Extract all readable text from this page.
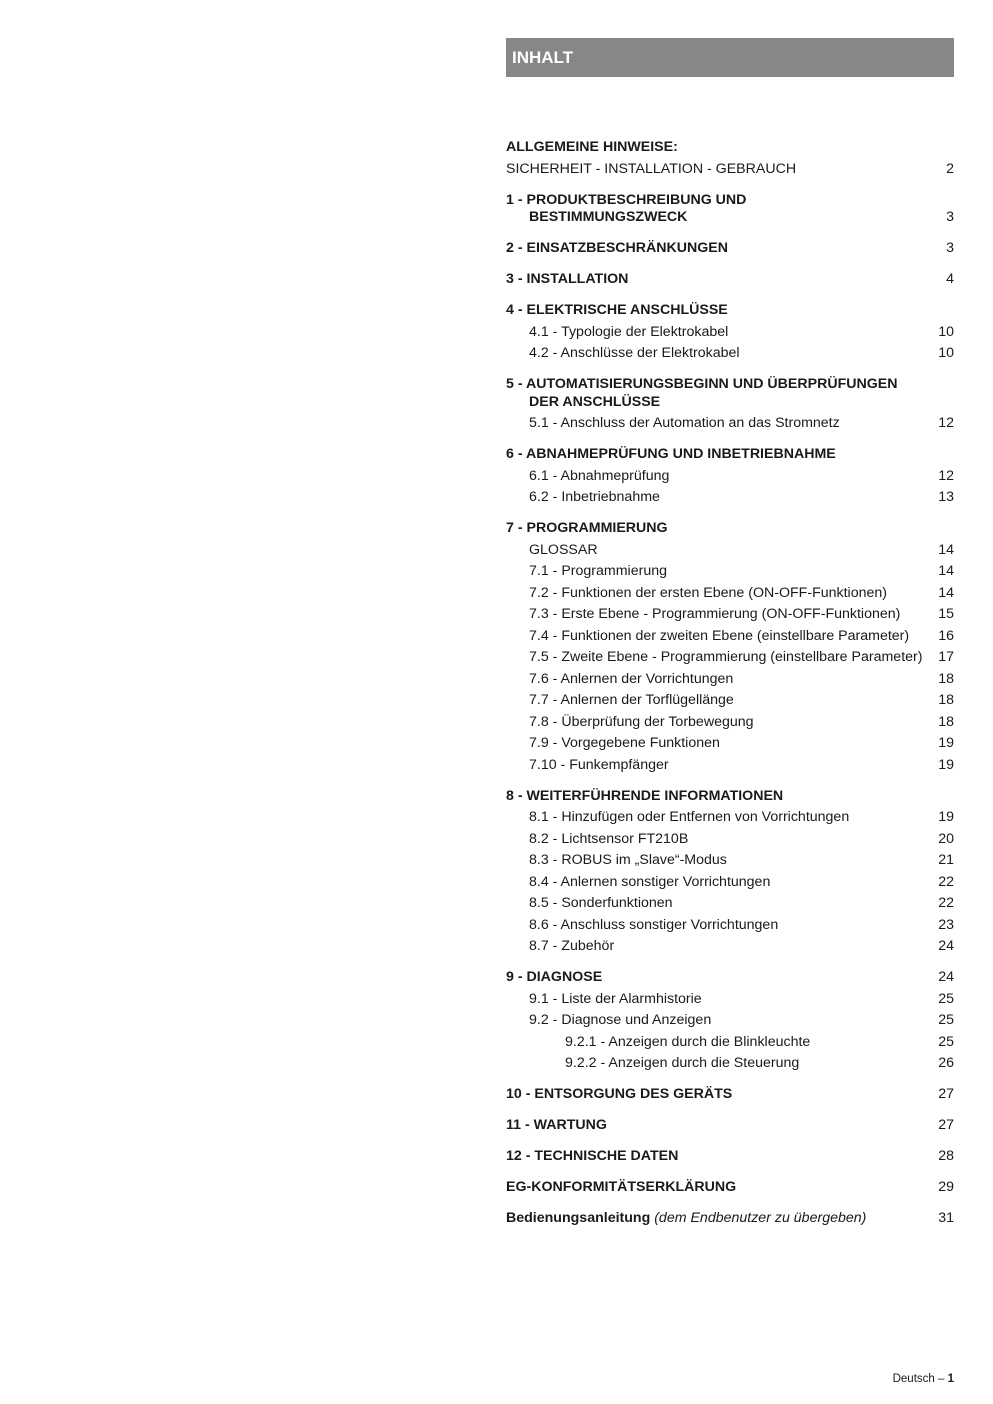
INHALT
ALLGEMEINE HINWEISE:
SICHERHEIT - INSTALLATION - GEBRAUCH	2
1 - PRODUKTBESCHREIBUNG UND
BESTIMMUNGSZWECK	3
2 - EINSATZBESCHRÄNKUNGEN	3
3 - INSTALLATION	4
4 - ELEKTRISCHE ANSCHLÜSSE
4.1 - Typologie der Elektrokabel	10
4.2 - Anschlüsse der Elektrokabel	10
5 - AUTOMATISIERUNGSBEGINN UND ÜBERPRÜFUNGEN
DER ANSCHLÜSSE
5.1 - Anschluss der Automation an das Stromnetz	12
6 - ABNAHMEPRÜFUNG UND INBETRIEBNAHME
6.1 - Abnahmeprüfung	12
6.2 - Inbetriebnahme	13
7 - PROGRAMMIERUNG
GLOSSAR	14
7.1 - Programmierung	14
7.2 - Funktionen der ersten Ebene (ON-OFF-Funktionen)	14
7.3 - Erste Ebene - Programmierung (ON-OFF-Funktionen)	15
7.4 - Funktionen der zweiten Ebene (einstellbare Parameter) 16
7.5 - Zweite Ebene - Programmierung (einstellbare Parameter) 17
7.6 - Anlernen der Vorrichtungen	18
7.7 - Anlernen der Torflügellänge	18
7.8 - Überprüfung der Torbewegung	18
7.9 - Vorgegebene Funktionen	19
7.10 - Funkempfänger	19
8 - WEITERFÜHRENDE INFORMATIONEN
8.1 - Hinzufügen oder Entfernen von Vorrichtungen	19
8.2 - Lichtsensor FT210B	20
8.3 - ROBUS im „Slave“-Modus	21
8.4 - Anlernen sonstiger Vorrichtungen	22
8.5 - Sonderfunktionen	22
8.6 - Anschluss sonstiger Vorrichtungen	23
8.7 - Zubehör	24
9 - DIAGNOSE	24
9.1 - Liste der Alarmhistorie	25
9.2 - Diagnose und Anzeigen	25
9.2.1 - Anzeigen durch die Blinkleuchte	25
9.2.2 - Anzeigen durch die Steuerung	26
10 - ENTSORGUNG DES GERÄTS	27
11 - WARTUNG	27
12 - TECHNISCHE DATEN	28
EG-KONFORMITÄTSERKLÄRUNG	29
Bedienungsanleitung (dem Endbenutzer zu übergeben)	31
Deutsch – 1
